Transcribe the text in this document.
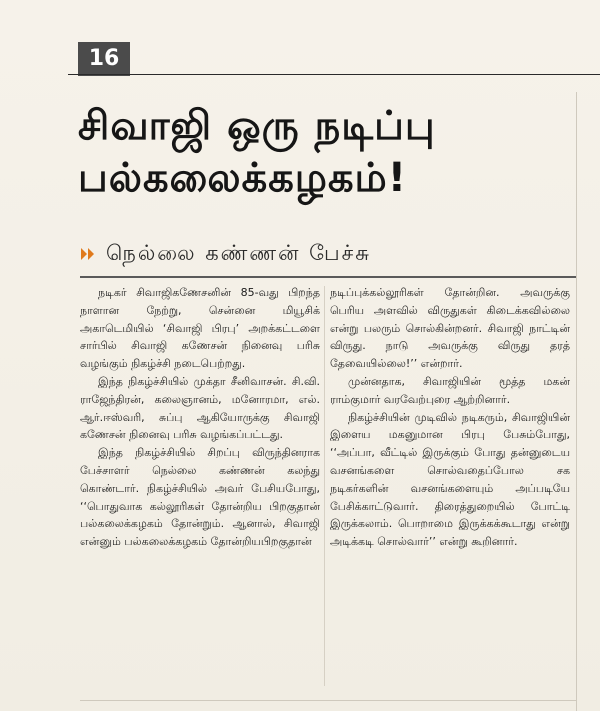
16
சிவாஜி ஒரு நடிப்பு
பல்கலைக்கழகம்!
நெல்லை கண்ணன் பேச்சு

நடிகர் சிவாஜிகணேசனின் 85-வது பிறந்த நாளான நேற்று, சென்னை மியூசிக் அகாடெமியில் ‘சிவாஜி பிரபு’ அறக்கட்டளை சார்பில் சிவாஜி கணேசன் நினைவு பரிசு வழங்கும் நிகழ்ச்சி நடைபெற்றது.

இந்த நிகழ்ச்சியில் முக்தா சீனிவாசன். சி.வி. ராஜேந்திரன், கலைஞானம், மனோரமா, எல். ஆர்.ஈஸ்வரி, சுப்பு ஆகியோருக்கு சிவாஜி கணேசன் நினைவு பரிசு வழங்கப்பட்டது.

இந்த நிகழ்ச்சியில் சிறப்பு விருந்தினராக பேச்சாளர் நெல்லை கண்ணன் கலந்து கொண்டார். நிகழ்ச்சியில் அவர் பேசியபோது, ‘‘பொதுவாக கல்லூரிகள் தோன்றிய பிறகுதான் பல்கலைக்கழகம் தோன்றும். ஆனால், சிவாஜி என்னும் பல்கலைக்கழகம் தோன்றியபிறகுதான்

நடிப்புக்கல்லூரிகள் தோன்றின. அவருக்கு பெரிய அளவில் விருதுகள் கிடைக்கவில்லை என்று பலரும் சொல்கின்றனர். சிவாஜி நாட்டின் விருது. நாடு அவருக்கு விருது தரத் தேவையில்லை!’’ என்றார்.

முன்னதாக, சிவாஜியின் மூத்த மகன் ராம்குமார் வரவேற்புரை ஆற்றினார்.

நிகழ்ச்சியின் முடிவில் நடிகரும், சிவாஜியின் இளைய மகனுமான பிரபு பேசும்போது, ‘‘அப்பா, வீட்டில் இருக்கும் போது தன்னுடைய வசனங்களை சொல்வதைப்போல சக நடிகர்களின் வசனங்களையும் அப்படியே பேசிக்காட்டுவார். திரைத்துறையில் போட்டி இருக்கலாம். பொறாமை இருக்கக்கூடாது என்று அடிக்கடி சொல்வார்’’ என்று கூறினார்.
